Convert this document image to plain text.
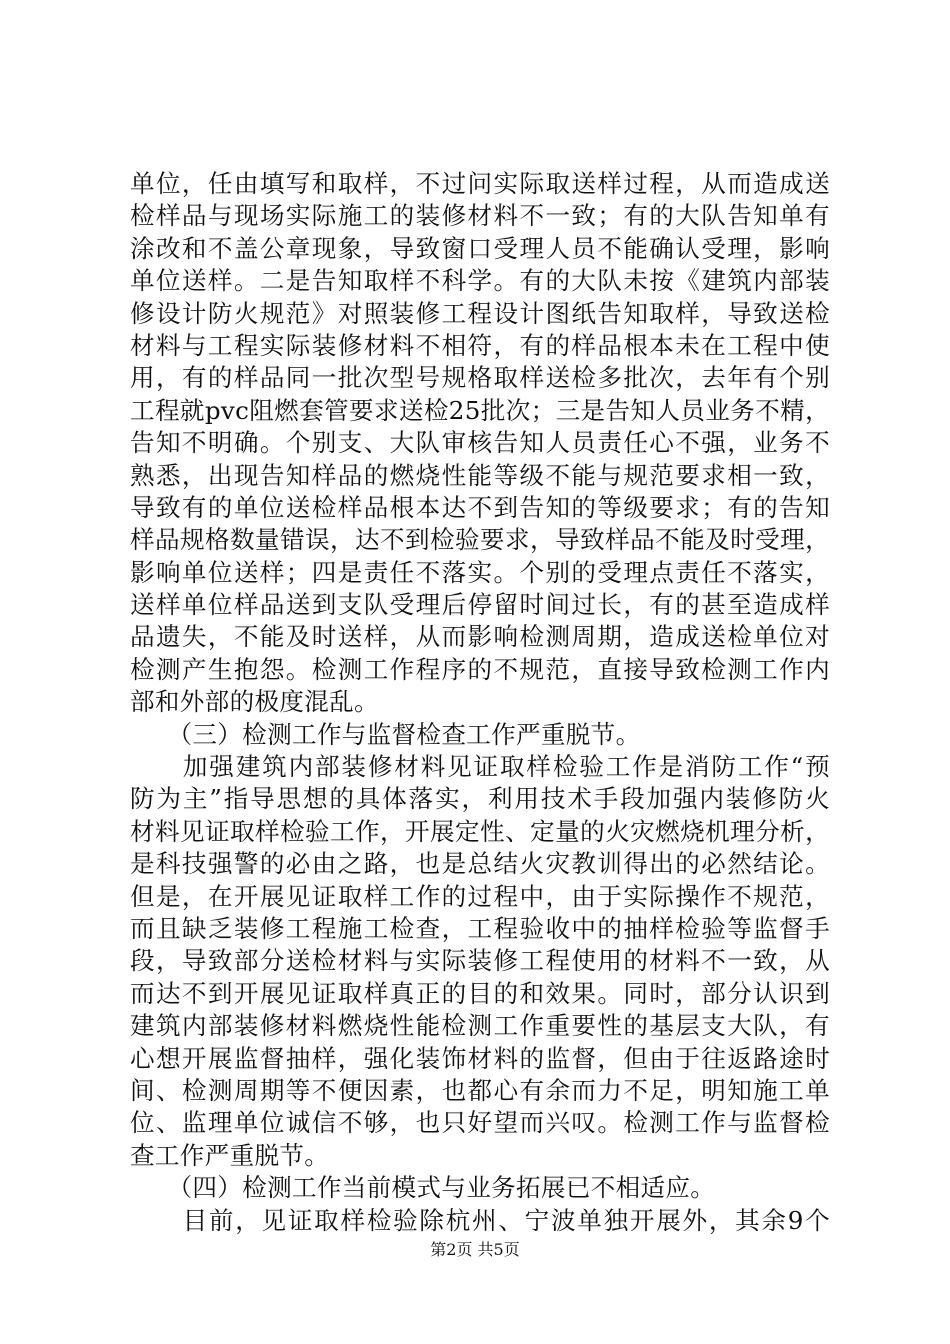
单位，任由填写和取样，不过问实际取送样过程，从而造成送
检样品与现场实际施工的装修材料不一致；有的大队告知单有
涂改和不盖公章现象，导致窗口受理人员不能确认受理，影响
单位送样。二是告知取样不科学。有的大队未按《建筑内部装
修设计防火规范》对照装修工程设计图纸告知取样，导致送检
材料与工程实际装修材料不相符，有的样品根本未在工程中使
用，有的样品同一批次型号规格取样送检多批次，去年有个别
工程就pvc阻燃套管要求送检25批次；三是告知人员业务不精，
告知不明确。个别支、大队审核告知人员责任心不强，业务不
熟悉，出现告知样品的燃烧性能等级不能与规范要求相一致，
导致有的单位送检样品根本达不到告知的等级要求；有的告知
样品规格数量错误，达不到检验要求，导致样品不能及时受理，
影响单位送样；四是责任不落实。个别的受理点责任不落实，
送样单位样品送到支队受理后停留时间过长，有的甚至造成样
品遗失，不能及时送样，从而影响检测周期，造成送检单位对
检测产生抱怨。检测工作程序的不规范，直接导致检测工作内
部和外部的极度混乱。
　　（三）检测工作与监督检查工作严重脱节。
　　加强建筑内部装修材料见证取样检验工作是消防工作“预
防为主”指导思想的具体落实，利用技术手段加强内装修防火
材料见证取样检验工作，开展定性、定量的火灾燃烧机理分析，
是科技强警的必由之路，也是总结火灾教训得出的必然结论。
但是，在开展见证取样工作的过程中，由于实际操作不规范，
而且缺乏装修工程施工检查，工程验收中的抽样检验等监督手
段，导致部分送检材料与实际装修工程使用的材料不一致，从
而达不到开展见证取样真正的目的和效果。同时，部分认识到
建筑内部装修材料燃烧性能检测工作重要性的基层支大队，有
心想开展监督抽样，强化装饰材料的监督，但由于往返路途时
间、检测周期等不便因素，也都心有余而力不足，明知施工单
位、监理单位诚信不够，也只好望而兴叹。检测工作与监督检
查工作严重脱节。
　　（四）检测工作当前模式与业务拓展已不相适应。
　　目前，见证取样检验除杭州、宁波单独开展外，其余9个
第2页 共5页
